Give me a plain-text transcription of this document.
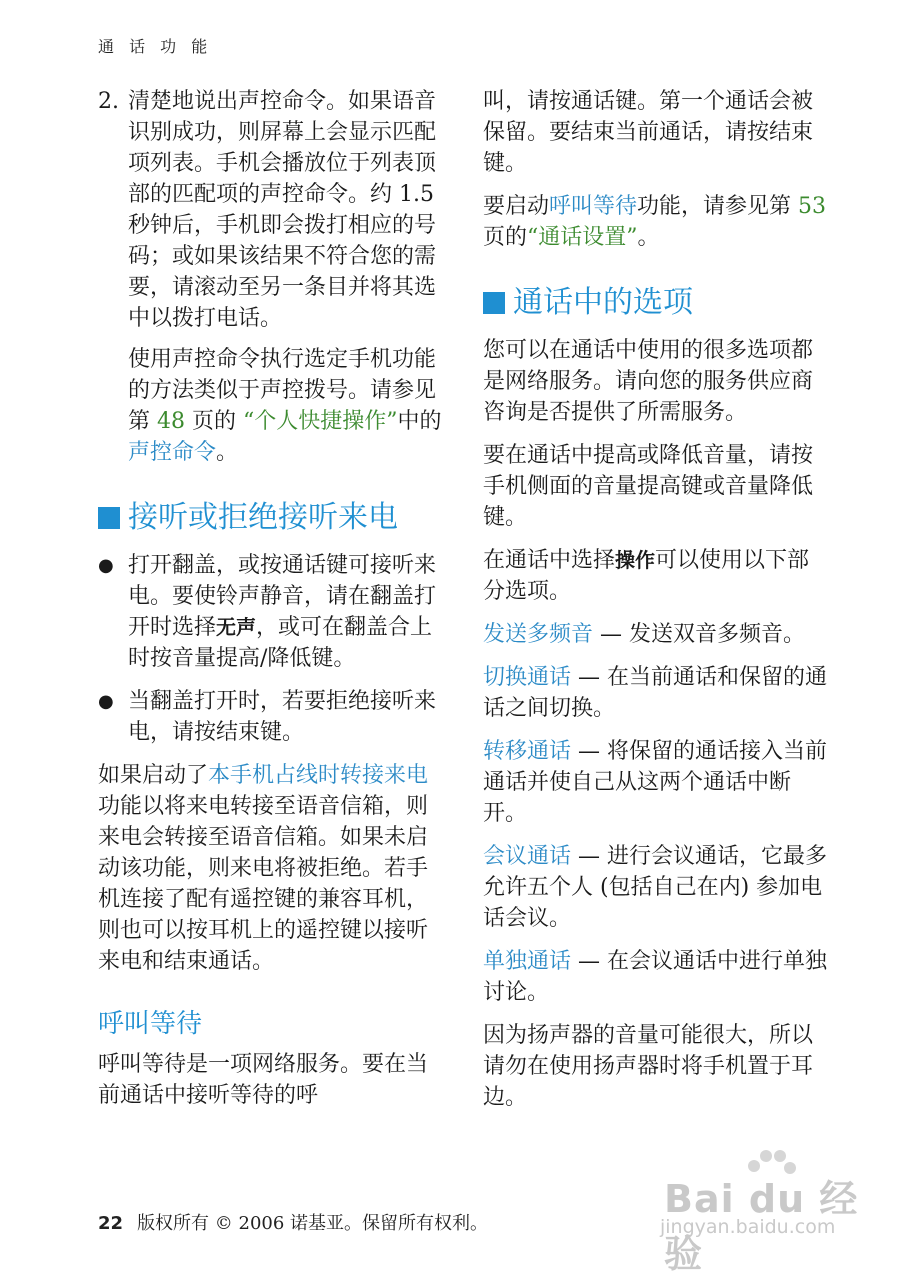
通 话 功 能
2. 清楚地说出声控命令。如果语音识别成功，则屏幕上会显示匹配项列表。手机会播放位于列表顶部的匹配项的声控命令。约 1.5 秒钟后，手机即会拨打相应的号码；或如果该结果不符合您的需要，请滚动至另一条目并将其选中以拨打电话。

使用声控命令执行选定手机功能的方法类似于声控拨号。请参见第 48 页的 “个人快捷操作”中的声控命令。

接听或拒绝接听来电
● 打开翻盖，或按通话键可接听来电。要使铃声静音，请在翻盖打开时选择无声，或可在翻盖合上时按音量提高/降低键。
● 当翻盖打开时，若要拒绝接听来电，请按结束键。

如果启动了本手机占线时转接来电功能以将来电转接至语音信箱，则来电会转接至语音信箱。如果未启动该功能，则来电将被拒绝。若手机连接了配有遥控键的兼容耳机，则也可以按耳机上的遥控键以接听来电和结束通话。

呼叫等待

呼叫等待是一项网络服务。要在当前通话中接听等待的呼

叫，请按通话键。第一个通话会被保留。要结束当前通话，请按结束键。

要启动呼叫等待功能，请参见第 53 页的“通话设置”。

通话中的选项

您可以在通话中使用的很多选项都是网络服务。请向您的服务供应商咨询是否提供了所需服务。

要在通话中提高或降低音量，请按手机侧面的音量提高键或音量降低键。

在通话中选择操作可以使用以下部分选项。

发送多频音 — 发送双音多频音。

切换通话 — 在当前通话和保留的通话之间切换。

转移通话 — 将保留的通话接入当前通话并使自己从这两个通话中断开。

会议通话 — 进行会议通话，它最多允许五个人 (包括自己在内) 参加电话会议。

单独通话 — 在会议通话中进行单独讨论。

因为扬声器的音量可能很大，所以请勿在使用扬声器时将手机置于耳边。

22 版权所有 © 2006 诺基亚。保留所有权利。
Bai du 经验
jingyan.baidu.com
